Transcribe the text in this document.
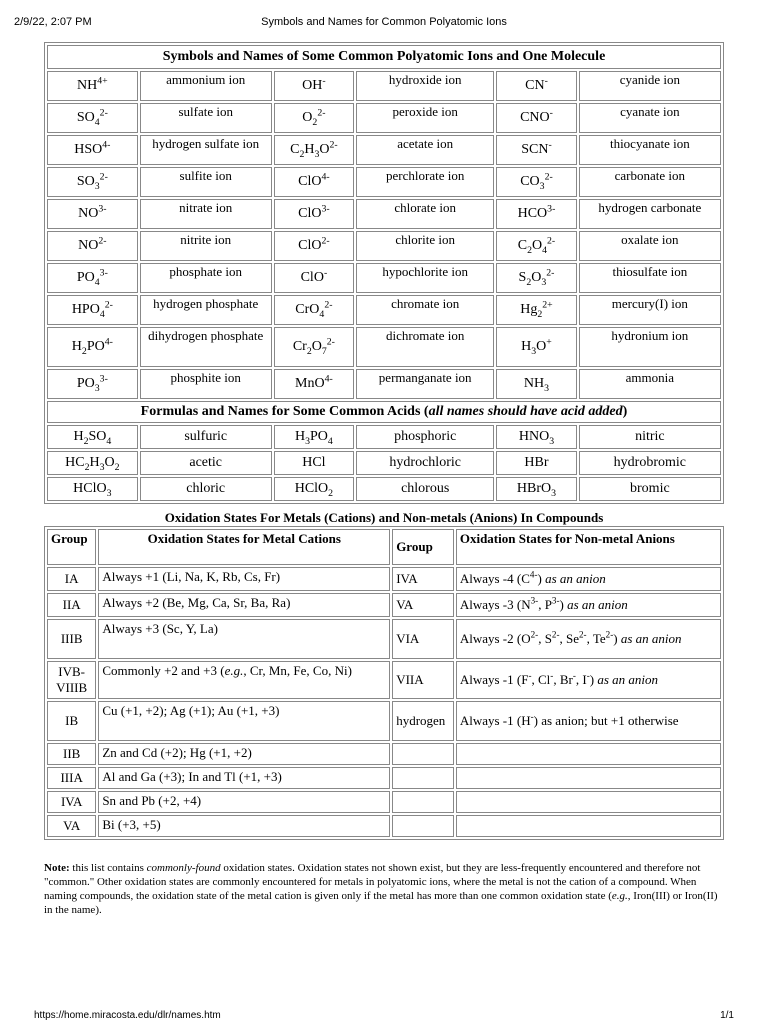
2/9/22, 2:07 PM	Symbols and Names for Common Polyatomic Ions
Symbols and Names of Some Common Polyatomic Ions and One Molecule					
$NH^{4+}$	ammonium ion	OH-	hydroxide ion	CN-	cyanide ion
$SO_4^{2-}$	sulfate ion	$O_2^{2-}$	peroxide ion	CNO-	cyanate ion
$HSO^{4-}$	hydrogen sulfate ion	$C_2H_3O^{2-}$	acetate ion	SCN-	thiocyanate ion
$SO_3^{2-}$	sulfite ion	ClO$^{4-}$	perchlorate ion	$CO_3^{2-}$	carbonate ion
$NO^{3-}$	nitrate ion	ClO$^{3-}$	chlorate ion	$HCO^{3-}$	hydrogen carbonate
$NO^{2-}$	nitrite ion	ClO$^{2-}$	chlorite ion	$C_2O_4^{2-}$	oxalate ion
$PO_4^{3-}$	phosphate ion	ClO-	hypochlorite ion	$S_2O_3^{2-}$	thiosulfate ion
$HPO_4^{2-}$	hydrogen phosphate	CrO$_4^{2-}$	chromate ion	$Hg_2^{2+}$	mercury(I) ion
$H_2PO^{4-}$	dihydrogen phosphate	$Cr_2O_7^{2-}$	dichromate ion	$H_3O^+$	hydronium ion
$PO_3^{3-}$	phosphite ion	MnO$^{4-}$	permanganate ion	$NH_3$	ammonia
Formulas and Names for Some Common Acids (all names should have acid added)					
$H_2SO_4$	sulfuric	$H_3PO_4$	phosphoric	$HNO_3$	nitric
$HC_2H_3O_2$	acetic	HCl	hydrochloric	HBr	hydrobromic
HClO$_3$	chloric	HClO$_2$	chlorous	HBrO$_3$	bromic
Oxidation States For Metals (Cations) and Non-metals (Anions) In Compounds
Group	Oxidation States for Metal Cations	Group	Oxidation States for Non-metal Anions
IA	Always +1 (Li, Na, K, Rb, Cs, Fr)	IVA	Always -4 $(C^{4-})$ as an anion
IIA	Always +2 (Be, Mg, Ca, Sr, Ba, Ra)	VA	Always -3 ($N^{3-}$, $P^{3-}$) as an anion
IIIB	Always +3 (Sc, Y, La)	VIA	Always -2 ($O^{2-}$, $S^{2-}$, $Se^{2-}$, $Te^{2-}$) as an anion
IVB-VIIIB	Commonly +2 and +3 (e.g., Cr, Mn, Fe, Co, Ni)	VIIA	Always -1 (F-, Cl-, Br-, I-) as an anion
IB	Cu (+1, +2); Ag (+1); Au (+1, +3)	hydrogen	Always -1 (H-) as anion; but +1 otherwise
IIB	Zn and Cd (+2); Hg (+1, +2)		
IIIA	Al and Ga (+3); In and Tl (+1, +3)		
IVA	Sn and Pb (+2, +4)		
VA	Bi (+3, +5)		
Note: this list contains commonly-found oxidation states. Oxidation states not shown exist, but they are less-frequently encountered and therefore not "common." Other oxidation states are commonly encountered for metals in polyatomic ions, where the metal is not the cation of a compound. When naming compounds, the oxidation state of the metal cation is given only if the metal has more than one common oxidation state (e.g., Iron(III) or Iron(II) in the name).
https://home.miracosta.edu/dlr/names.htm	1/1
